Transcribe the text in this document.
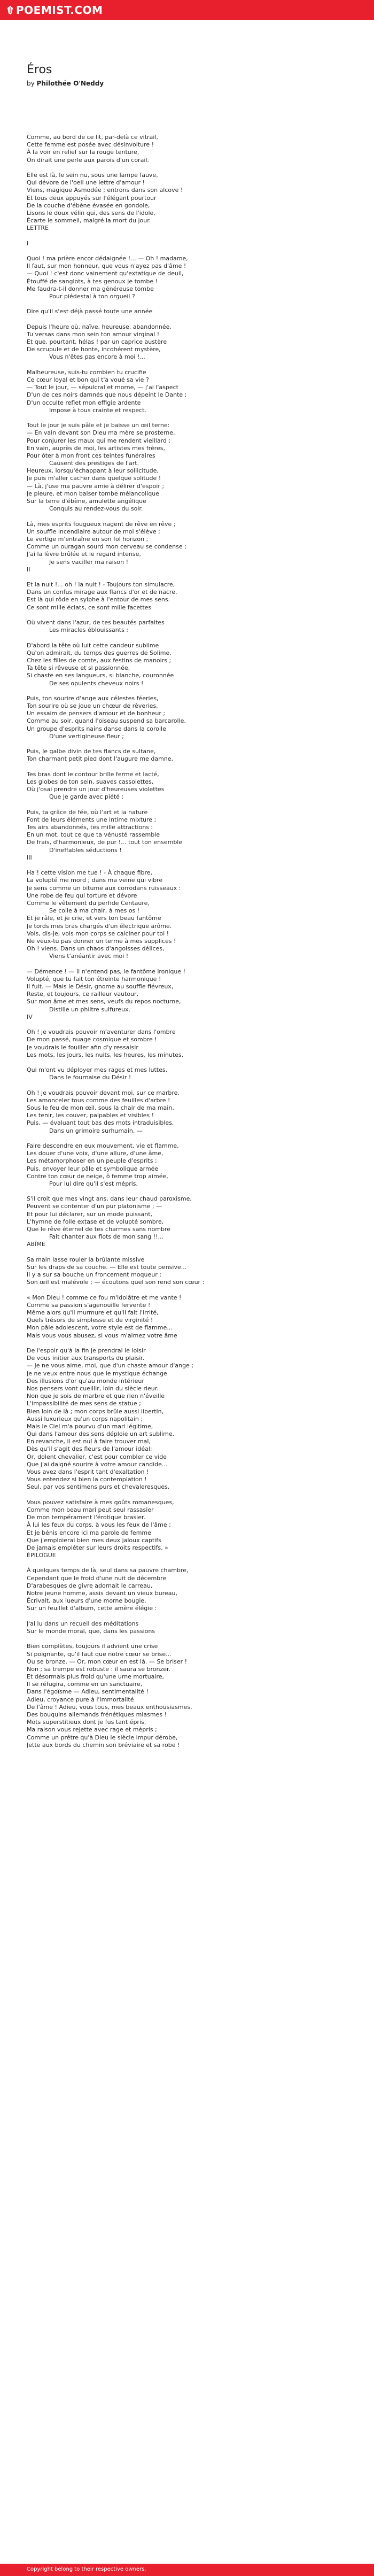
POEMIST.COM
Éros
by Philothée O'Neddy
Comme, au bord de ce lit, par-delà ce vitrail,
Cette femme est posée avec désinvolture !
À la voir en relief sur la rouge tenture,
On dirait une perle aux parois d'un corail.
Elle est là, le sein nu, sous une lampe fauve,
Qui dévore de l'oeil une lettre d'amour !
Viens, magique Asmodée ; entrons dans son alcove !
Et tous deux appuyés sur l'élégant pourtour
De la couche d'ébène évasée en gondole,
Lisons le doux vélin qui, des sens de l'idole,
Écarte le sommeil, malgré la mort du jour.
LETTRE
I
Quoi ! ma prière encor dédaignée !... — Oh ! madame,
Il faut, sur mon honneur, que vous n'ayez pas d'âme !
— Quoi ! c'est donc vainement qu'extatique de deuil,
Étouffé de sanglots, à tes genoux je tombe !
Me faudra-t-il donner ma généreuse tombe
Pour piédestal à ton orgueil ?
Dire qu'il s'est déjà passé toute une année
Depuis l'heure où, naïve, heureuse, abandonnée,
Tu versas dans mon sein ton amour virginal !
Et que, pourtant, hélas ! par un caprice austère
De scrupule et de honte, incohérent mystère,
Vous n'êtes pas encore à moi !...
Malheureuse, suis-tu combien tu crucifie
Ce cœur loyal et bon qui t'a voué sa vie ?
— Tout le jour, — sépulcral et morne, — j'ai l'aspect
D'un de ces noirs damnés que nous dépeint le Dante ;
D'un occulte reflet mon effigie ardente
Impose à tous crainte et respect.
Tout le jour je suis pâle et je baisse un œil terne:
— En vain devant son Dieu ma mère se prosterne,
Pour conjurer les maux qui me rendent vieillard ;
En vain, auprès de moi, les artistes mes frères,
Pour ôter à mon front ces teintes funéraires
Causent des prestiges de l'art.
Heureux, lorsqu'échappant à leur sollicitude,
Je puis m'aller cacher dans quelque solitude !
— Là, j'use ma pauvre amie à délirer d'espoir ;
Je pleure, et mon baiser tombe mélancolique
Sur la terre d'ébène, amulette angélique
Conquis au rendez-vous du soir.
Là, mes esprits fougueux nagent de rêve en rêve ;
Un souffle incendiaire autour de moi s'élève ;
Le vertige m'entraîne en son fol horizon ;
Comme un ouragan sourd mon cerveau se condense ;
J'ai la lèvre brûlée et le regard intense,
Je sens vaciller ma raison !
II
Et la nuit !... oh ! la nuit ! - Toujours ton simulacre,
Dans un confus mirage aux flancs d'or et de nacre,
Est là qui rôde en sylphe à l'entour de mes sens.
Ce sont mille éclats, ce sont mille facettes
Où vivent dans l'azur, de tes beautés parfaites
Les miracles éblouissants :
D'abord la tête où luit cette candeur sublime
Qu'on admirait, du temps des guerres de Solime,
Chez les filles de comte, aux festins de manoirs ;
Ta tête si rêveuse et si passionnée,
Si chaste en ses langueurs, si blanche, couronnée
De ses opulents cheveux noirs !
Puis, ton sourire d'ange aux célestes féeries,
Ton sourire où se joue un chœur de rêveries,
Un essaim de pensers d'amour et de bonheur ;
Comme au soir, quand l'oiseau suspend sa barcarolle,
Un groupe d'esprits nains danse dans la corolle
D'une vertigineuse fleur ;
Puis, le galbe divin de tes flancs de sultane,
Ton charmant petit pied dont l'augure me damne,
Tes bras dont le contour brille ferme et lacté,
Les globes de ton sein, suaves cassolettes,
Où j'osai prendre un jour d'heureuses violettes
Que je garde avec piété ;
Puis, ta grâce de fée, où l'art et la nature
Font de leurs éléments une intime mixture ;
Tes airs abandonnés, tes mille attractions :
En un mot, tout ce que ta vénusté rassemble
De frais, d'harmonieux, de pur !... tout ton ensemble
D'ineffables séductions !
III
Ha ! cette vision me tue ! - À chaque fibre,
La volupté me mord ; dans ma veine qui vibre
Je sens comme un bitume aux corrodans ruisseaux :
Une robe de feu qui torture et dévore
Comme le vêtement du perfide Centaure,
Se colle à ma chair, à mes os !
Et je râle, et je crie, et vers ton beau fantôme
Je tords mes bras chargés d'un électrique arôme.
Vois, dis-je, vois mon corps se calciner pour toi !
Ne veux-tu pas donner un terme à mes supplices !
Oh ! viens. Dans un chaos d'angoisses délices,
Viens t'anéantir avec moi !
— Démence ! — Il n'entend pas, le fantôme ironique !
Volupté, que tu fait ton étreinte harmonique !
Il fuit. — Mais le Désir, gnome au souffle fiévreux,
Reste, et toujours, ce railleur vautour,
Sur mon âme et mes sens, veufs du repos nocturne,
Distille un philtre sulfureux.
IV
Oh ! je voudrais pouvoir m'aventurer dans l'ombre
De mon passé, nuage cosmique et sombre !
Je voudrais le fouiller afin d'y ressaisir
Les mots, les jours, les nuits, les heures, les minutes,
Qui m'ont vu déployer mes rages et mes luttes,
Dans le fournaise du Désir !
Oh ! je voudrais pouvoir devant moi, sur ce marbre,
Les amonceler tous comme des feuilles d'arbre !
Sous le feu de mon œil, sous la chair de ma main,
Les tenir, les couver, palpables et visibles !
Puis, — évaluant tout bas des mots intraduisibles,
Dans un grimoire surhumain, —
Faire descendre en eux mouvement, vie et flamme,
Les douer d'une voix, d'une allure, d'une âme,
Les métamorphoser en un peuple d'esprits ;
Puis, envoyer leur pâle et symbolique armée
Contre ton cœur de neige, ô femme trop aimée,
Pour lui dire qu'il s'est mépris,
S'il croit que mes vingt ans, dans leur chaud paroxisme,
Peuvent se contenter d'un pur platonisme ; —
Et pour lui déclarer, sur un mode puissant,
L'hymne de folle extase et de volupté sombre,
Que le rêve éternel de tes charmes sans nombre
Fait chanter aux flots de mon sang !!...
ABÎME
Sa main lasse rouler la brûlante missive
Sur les draps de sa couche. — Elle est toute pensive...
Il y a sur sa bouche un froncement moqueur ;
Son œil est malévole ; — écoutons quel son rend son cœur :
« Mon Dieu ! comme ce fou m'idolâtre et me vante !
Comme sa passion s'agenouille fervente !
Même alors qu'il murmure et qu'il fait l'irrité,
Quels trésors de simplesse et de virginité !
Mon pâle adolescent, votre style est de flamme...
Mais vous vous abusez, si vous m'aimez votre âme
De l'espoir qu'à la fin je prendrai le loisir
De vous initier aux transports du plaisir.
— Je ne vous aime, moi, que d'un chaste amour d'ange ;
Je ne veux entre nous que le mystique échange
Des illusions d'or qu'au monde intérieur
Nos pensers vont cueillir, loin du siècle rieur.
Non que je sois de marbre et que rien n'éveille
L'impassibilité de mes sens de statue ;
Bien loin de là ; mon corps brûle aussi libertin,
Aussi luxurieux qu'un corps napolitain ;
Mais le Ciel m'a pourvu d'un mari légitime,
Qui dans l'amour des sens déploie un art sublime.
En revanche, il est nul à faire trouver mal,
Dès qu'il s'agit des fleurs de l'amour idéal;
Or, dolent chevalier, c'est pour combler ce vide
Que j'ai daigné sourire à votre amour candide...
Vous avez dans l'esprit tant d'exaltation !
Vous entendez si bien la contemplation !
Seul, par vos sentimens purs et chevaleresques,
Vous pouvez satisfaire à mes goûts romanesques,
Comme mon beau mari peut seul rassasier
De mon tempérament l'érotique brasier.
À lui les feux du corps, à vous les feux de l'âme ;
Et je bénis encore ici ma parole de femme
Que j'emploierai bien mes deux jaloux captifs
De jamais empiéter sur leurs droits respectifs. »
ÉPILOGUE
À quelques temps de là, seul dans sa pauvre chambre,
Cependant que le froid d'une nuit de décembre
D'arabesques de givre adornait le carreau,
Notre jeune homme, assis devant un vieux bureau,
Écrivait, aux lueurs d'une morne bougie,
Sur un feuillet d'album, cette amère élégie :
J'ai lu dans un recueil des méditations
Sur le monde moral, que, dans les passions
Bien complètes, toujours il advient une crise
Si poignante, qu'il faut que notre cœur se brise...
Ou se bronze. — Or, mon cœur en est là. — Se briser !
Non ; sa trempe est robuste : il saura se bronzer.
Et désormais plus froid qu'une urne mortuaire,
Il se réfugira, comme en un sanctuaire,
Dans l'égoïsme — Adieu, sentimentalité !
Adieu, croyance pure à l'immortalité
De l'âme ! Adieu, vous tous, mes beaux enthousiasmes,
Des bouquins allemands frénétiques miasmes !
Mots superstitieux dont je fus tant épris,
Ma raison vous rejette avec rage et mépris ;
Comme un prêtre qu'à Dieu le siècle impur dérobe,
Jette aux bords du chemin son bréviaire et sa robe !
Copyright belong to their respective owners.
